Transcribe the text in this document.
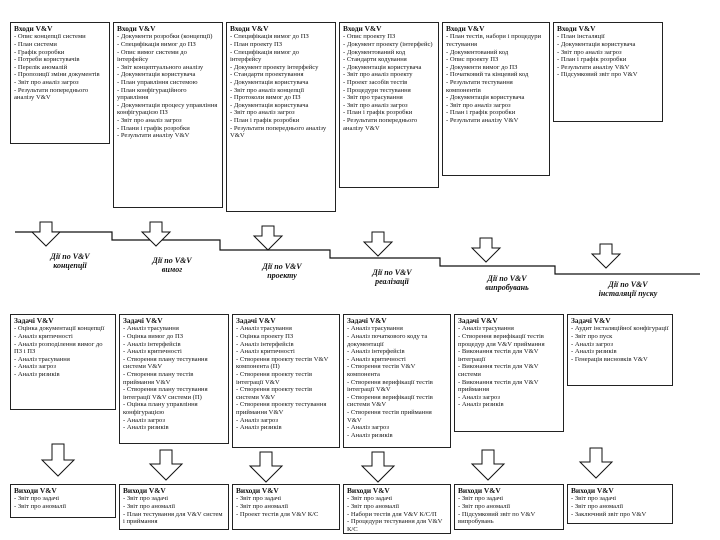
Входи V&V
- Опис концепції системи
- План системи
- Графік розробки
- Потреби користувачів
- Перелік аномалій
- Пропозиції зміни документів
- Звіт про аналіз загроз
- Результати попереднього аналізу V&V
Входи V&V
- Документи розробки (концепції)
- Специфікація вимог до ПЗ
- Опис вимог системи до інтерфейсу
- Звіт концептуального аналізу
- Документація користувача
- План управління системою
- План конфігураційного управління
- Документація процесу управління конфігурацією ПЗ
- Звіт про аналіз загроз
- Плани і графік розробки
- Результати аналізу V&V
Входи V&V
- Специфікація вимог до ПЗ
- План проекту ПЗ
- Специфікація вимог до інтерфейсу
- Документ проекту інтерфейсу
- Стандарти проектування
- Документація користувача
- Звіт про аналіз концепції
- Протоколи вимог до ПЗ
- Документація користувача
- Звіт про аналіз загроз
- План і графік розробки
- Результати попереднього аналізу V&V
Входи V&V
- Опис проекту ПЗ
- Документ проекту (інтерфейс)
- Документований код
- Стандарти кодування
- Документація користувача
- Звіт про аналіз проекту
- Проект засобів тестів
- Процедури тестування
- Звіт про трасування
- Звіт про аналіз загроз
- План і графік розробки
- Результати попереднього аналізу V&V
Входи V&V
- План тестів, набори і процедури тестування
- Документований код
- Опис проекту ПЗ
- Документи вимог до ПЗ
- Початковий та кінцевий код
- Результати тестування компонентів
- Документація користувача
- Звіт про аналіз загроз
- План і графік розробки
- Результати аналізу V&V
Входи V&V
- План інсталяції
- Документація користувача
- Звіт про аналіз загроз
- План і графік розробки
- Результати аналізу V&V
- Підсумковий звіт про V&V
Дії по V&V
концепції
Дії по V&V
вимог	Дії по V&V
проекту	Дії по V&V
реалізації	Дії по V&V
випробувань	Дії по V&V
інсталяції пуску
Задачі V&V
- Оцінка документації концепції
- Аналіз критичності
- Аналіз розподілення вимог до ПЗ і ПЗ
- Аналіз трасування
- Аналіз загроз
- Аналіз ризиків
Задачі V&V
- Аналіз трасування
- Оцінка вимог до ПЗ
- Аналіз інтерфейсів
- Аналіз критичності
- Створення плану тестування системи V&V
- Створення плану тестів приймання V&V
- Створення плану тестування інтеграції V&V системи (П)
- Оцінка плану управління конфігурацією
- Аналіз загроз
- Аналіз ризиків
Задачі V&V
- Аналіз трасування
- Оцінка проекту ПЗ
- Аналіз інтерфейсів
- Аналіз критичності
- Створення проекту тестів V&V компонента (П)
- Створення проекту тестів інтеграції V&V
- Створення проекту тестів системи V&V
- Створення проекту тестування приймання V&V
- Аналіз загроз
- Аналіз ризиків
Задачі V&V
- Аналіз трасування
- Аналіз початкового коду та документації
- Аналіз інтерфейсів
- Аналіз критичності
- Створення тестів V&V компонента
- Створення верифікації тестів інтеграції V&V
- Створення верифікації тестів системи V&V
- Створення тестів приймання V&V
- Аналіз загроз
- Аналіз ризиків
Задачі V&V
- Аналіз трасування
- Створення верифікації тестів процедур для V&V приймання
- Виконання тестів для V&V інтеграції
- Виконання тестів для V&V системи
- Виконання тестів для V&V приймання
- Аналіз загроз
- Аналіз ризиків
Задачі V&V
- Аудит інсталяційної конфігурації
- Звіт про пуск
- Аналіз загроз
- Аналіз ризиків
- Генерація висновків V&V
Виходи V&V
- Звіт про задачі
- Звіт про аномалії
Виходи V&V
- Звіт про задачі
- Звіт про аномалії
- План тестування для V&V систем і приймання
Виходи V&V
- Звіт про задачі
- Звіт про аномалії
- Проект тестів для V&V К/С
Виходи V&V
- Звіт про задачі
- Звіт про аномалії
- Набори тестів для V&V К/С/П
- Процедури тестування для V&V К/С
Виходи V&V
- Звіт про задачі
- Звіт про аномалії
- Підсумковий звіт по V&V випробувань
Виходи V&V
- Звіт про задачі
- Звіт про аномалії
- Заключний звіт про V&V
